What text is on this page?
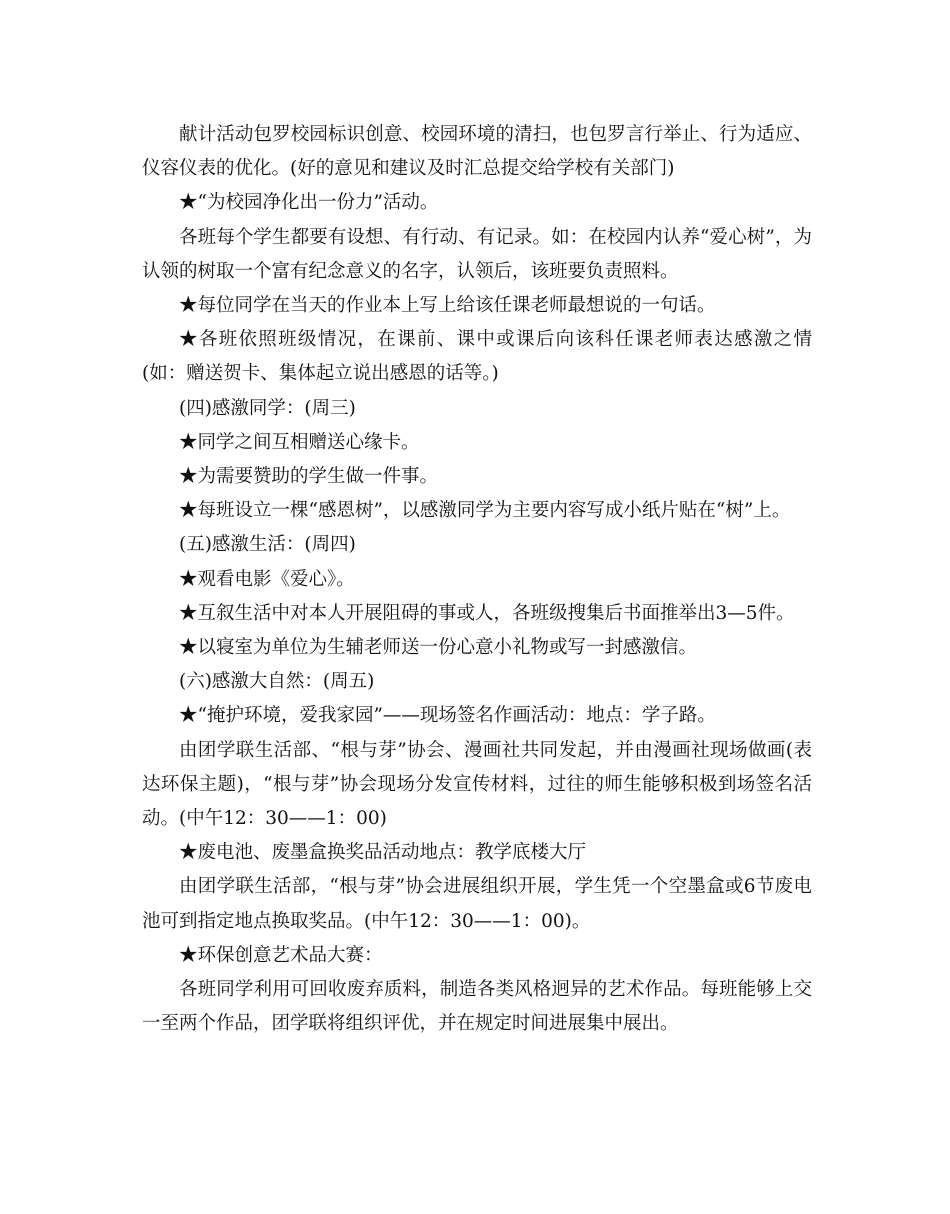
献计活动包罗校园标识创意、校园环境的清扫，也包罗言行举止、行为适应、仪容仪表的优化。(好的意见和建议及时汇总提交给学校有关部门)

★“为校园净化出一份力”活动。

各班每个学生都要有设想、有行动、有记录。如：在校园内认养“爱心树”，为认领的树取一个富有纪念意义的名字，认领后，该班要负责照料。

★每位同学在当天的作业本上写上给该任课老师最想说的一句话。

★各班依照班级情况，在课前、课中或课后向该科任课老师表达感激之情(如：赠送贺卡、集体起立说出感恩的话等。)

(四)感激同学：(周三)

★同学之间互相赠送心缘卡。

★为需要赞助的学生做一件事。

★每班设立一棵“感恩树”，以感激同学为主要内容写成小纸片贴在“树”上。

(五)感激生活：(周四)

★观看电影《爱心》。

★互叙生活中对本人开展阻碍的事或人，各班级搜集后书面推举出3—5件。

★以寝室为单位为生辅老师送一份心意小礼物或写一封感激信。

(六)感激大自然：(周五)

★“掩护环境，爱我家园”——现场签名作画活动：地点：学子路。

由团学联生活部、“根与芽”协会、漫画社共同发起，并由漫画社现场做画(表达环保主题)，“根与芽”协会现场分发宣传材料，过往的师生能够积极到场签名活动。(中午12：30——1：00)

★废电池、废墨盒换奖品活动地点：教学底楼大厅

由团学联生活部，“根与芽”协会进展组织开展，学生凭一个空墨盒或6节废电池可到指定地点换取奖品。(中午12：30——1：00)。

★环保创意艺术品大赛：

各班同学利用可回收废弃质料，制造各类风格迥异的艺术作品。每班能够上交一至两个作品，团学联将组织评优，并在规定时间进展集中展出。
